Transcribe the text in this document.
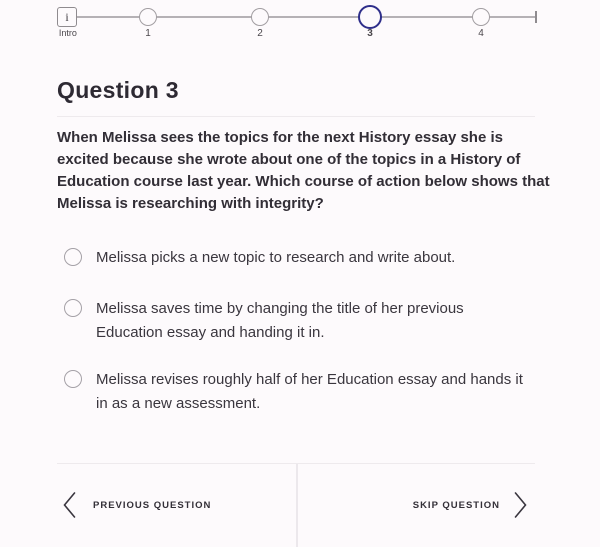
i
Intro	1	2	3	4
Question 3
When Melissa sees the topics for the next History essay she is
excited because she wrote about one of the topics in a History of
Education course last year. Which course of action below shows that
Melissa is researching with integrity?
Melissa picks a new topic to research and write about.
Melissa saves time by changing the title of her previous
Education essay and handing it in.
Melissa revises roughly half of her Education essay and hands it
in as a new assessment.
PREVIOUS QUESTION	SKIP QUESTION
